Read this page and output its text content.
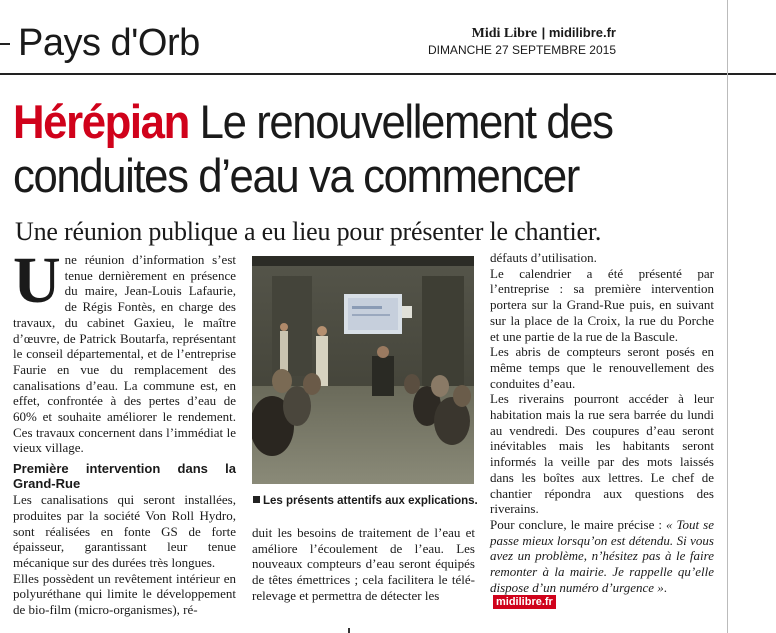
Pays d'Orb	Midi Libre | midilibre.fr
DIMANCHE 27 SEPTEMBRE 2015
Hérépian Le renouvellement des
conduites d’eau va commencer
Une réunion publique a eu lieu pour présenter le chantier.

Une réunion d’information s’est tenue dernièrement en présence du maire, Jean-Louis Lafaurie, de Régis Fontès, en charge des travaux, du cabinet Gaxieu, le maître d’œuvre, de Patrick Boutarfa, représentant le conseil départemental, et de l’entreprise Faurie en vue du remplacement des canalisations d’eau. La commune est, en effet, confrontée à des pertes d’eau de 60% et souhaite améliorer le rendement. Ces travaux concernent dans l’immédiat le vieux village.

Première intervention dans la Grand-Rue

Les canalisations qui seront installées, produites par la société Von Roll Hydro, sont réalisées en fonte GS de forte épaisseur, garantissant leur tenue mécanique sur des durées très longues.

Elles possèdent un revêtement intérieur en polyuréthane qui limite le développement de bio-film (micro-organismes), ré-

Les présents attentifs aux explications.

duit les besoins de traitement de l’eau et améliore l’écoulement de l’eau. Les nouveaux compteurs d’eau seront équipés de têtes émettrices ; cela facilitera le télé-relevage et permettra de détecter les

défauts d’utilisation.

Le calendrier a été présenté par l’entreprise : sa première intervention portera sur la Grand-Rue puis, en suivant sur la place de la Croix, la rue du Porche et une partie de la rue de la Bascule.

Les abris de compteurs seront posés en même temps que le renouvellement des conduites d’eau.

Les riverains pourront accéder à leur habitation mais la rue sera barrée du lundi au vendredi. Des coupures d’eau seront inévitables mais les habitants seront informés la veille par des mots laissés dans les boîtes aux lettres. Le chef de chantier répondra aux questions des riverains.

Pour conclure, le maire précise : « Tout se passe mieux lorsqu’on est détendu. Si vous avez un problème, n’hésitez pas à le faire remonter à la mairie. Je rappelle qu’elle dispose d’un numéro d’urgence ».

midilibre.fr
